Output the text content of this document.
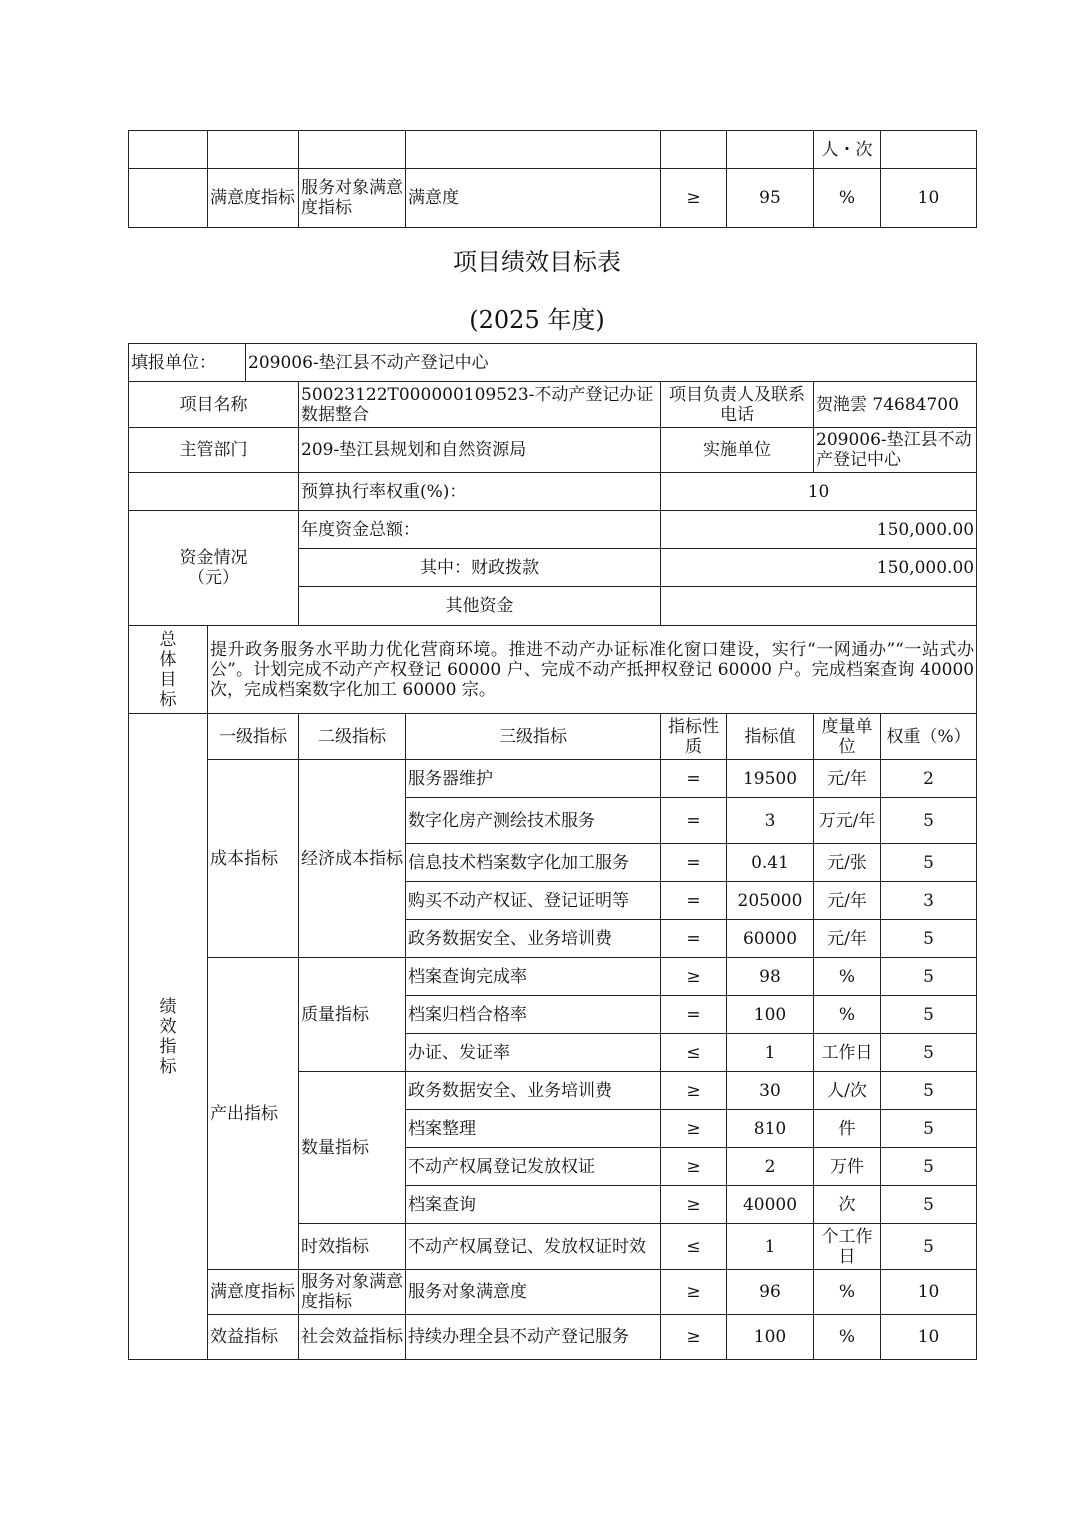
						人・次	
	满意度指标	服务对象满意度指标	满意度	≥	95	%	10
项目绩效目标表
(2025 年度)
填报单位：		209006-垫江县不动产登记中心						
项目名称			50023122T000000109523-不动产登记办证数据整合		项目负责人及联系电话		贺滟雲 74684700	
主管部门			209-垫江县规划和自然资源局		实施单位		209006-垫江县不动产登记中心	
			预算执行率权重(%)：		10			
资金情况（元）			年度资金总额：		150,000.00			
			其中：财政拨款		150,000.00			
			其他资金					
总体目标	提升政务服务水平助力优化营商环境。推进不动产办证标准化窗口建设，实行“一网通办”“一站式办公”。计划完成不动产产权登记 60000 户、完成不动产抵押权登记 60000 户。完成档案查询 40000 次，完成档案数字化加工 60000 宗。							
绩效指标	一级指标		二级指标	三级指标	指标性质	指标值	度量单位	权重（%）
	成本指标		经济成本指标	服务器维护	=	19500	元/年	2
				数字化房产测绘技术服务	=	3	万元/年	5
				信息技术档案数字化加工服务	=	0.41	元/张	5
				购买不动产权证、登记证明等	=	205000	元/年	3
				政务数据安全、业务培训费	=	60000	元/年	5
	产出指标		质量指标	档案查询完成率	≥	98	%	5
				档案归档合格率	=	100	%	5
				办证、发证率	≤	1	工作日	5
			数量指标	政务数据安全、业务培训费	≥	30	人/次	5
				档案整理	≥	810	件	5
				不动产权属登记发放权证	≥	2	万件	5
				档案查询	≥	40000	次	5
			时效指标	不动产权属登记、发放权证时效	≤	1	个工作日	5
	满意度指标		服务对象满意度指标	服务对象满意度	≥	96	%	10
	效益指标		社会效益指标	持续办理全县不动产登记服务	≥	100	%	10
